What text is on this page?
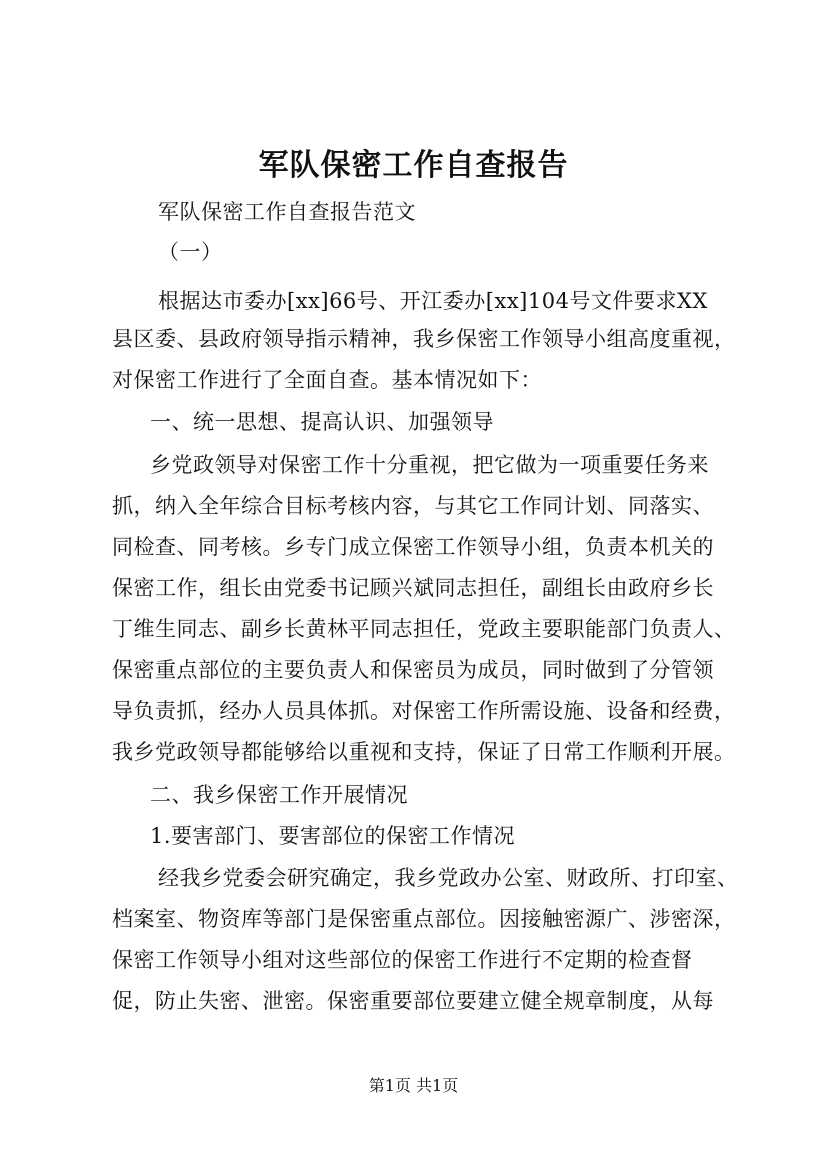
军队保密工作自查报告
军队保密工作自查报告范文
（一）
根据达市委办[xx]66号、开江委办[xx]104号文件要求XX
县区委、县政府领导指示精神，我乡保密工作领导小组高度重视，
对保密工作进行了全面自查。基本情况如下：
一、统一思想、提高认识、加强领导
乡党政领导对保密工作十分重视，把它做为一项重要任务来
抓，纳入全年综合目标考核内容，与其它工作同计划、同落实、
同检查、同考核。乡专门成立保密工作领导小组，负责本机关的
保密工作，组长由党委书记顾兴斌同志担任，副组长由政府乡长
丁维生同志、副乡长黄林平同志担任，党政主要职能部门负责人、
保密重点部位的主要负责人和保密员为成员，同时做到了分管领
导负责抓，经办人员具体抓。对保密工作所需设施、设备和经费，
我乡党政领导都能够给以重视和支持，保证了日常工作顺利开展。
二、我乡保密工作开展情况
1.要害部门、要害部位的保密工作情况
经我乡党委会研究确定，我乡党政办公室、财政所、打印室、
档案室、物资库等部门是保密重点部位。因接触密源广、涉密深，
保密工作领导小组对这些部位的保密工作进行不定期的检查督
促，防止失密、泄密。保密重要部位要建立健全规章制度，从每
第1页 共1页
